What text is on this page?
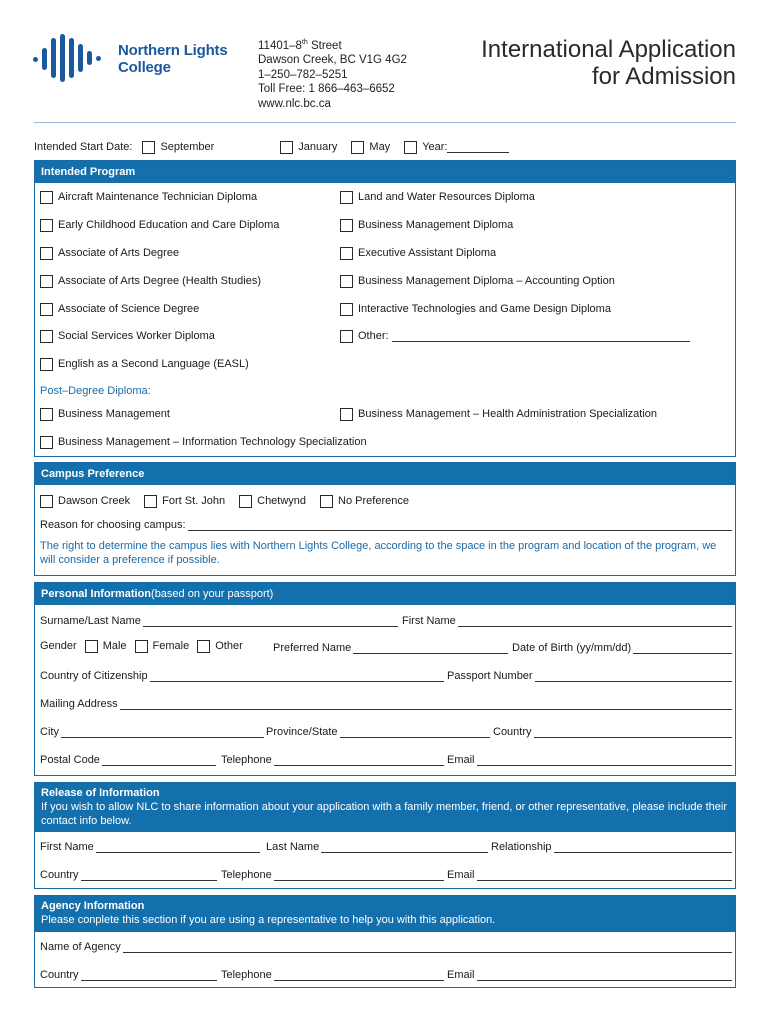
Northern Lights
College
11401–8th Street
Dawson Creek, BC V1G 4G2
1–250–782–5251
Toll Free: 1 866–463–6652
www.nlc.bc.ca
International Application
for Admission
Intended Start Date:	September	January	May	Year:
Intended Program
Aircraft Maintenance Technician Diploma
Early Childhood Education and Care Diploma
Associate of Arts Degree
Associate of Arts Degree (Health Studies)
Associate of Science Degree
Social Services Worker Diploma
English as a Second Language (EASL)
Land and Water Resources Diploma
Business Management Diploma
Executive Assistant Diploma
Business Management Diploma – Accounting Option
Interactive Technologies and Game Design Diploma
Other:
Post–Degree Diploma:
Business Management	Business Management – Health Administration Specialization
Business Management – Information Technology Specialization
Campus Preference
Dawson Creek	Fort St. John	Chetwynd	No Preference
Reason for choosing campus:
The right to determine the campus lies with Northern Lights College, according to the space in the program and location of the program, we will consider a preference if possible.
Personal Information (based on your passport)
Surname/Last Name	First Name
Gender Male Female Other	Preferred Name	Date of Birth (yy/mm/dd)
Country of Citizenship	Passport Number
Mailing Address
City	Province/State	Country
Postal Code	Telephone	Email
Release of Information
If you wish to allow NLC to share information about your application with a family member, friend, or other representative, please include their contact info below.
First Name	Last Name	Relationship
Country	Telephone	Email
Agency Information
Please conplete this section if you are using a representative to help you with this application.
Name of Agency
Country	Telephone	Email
